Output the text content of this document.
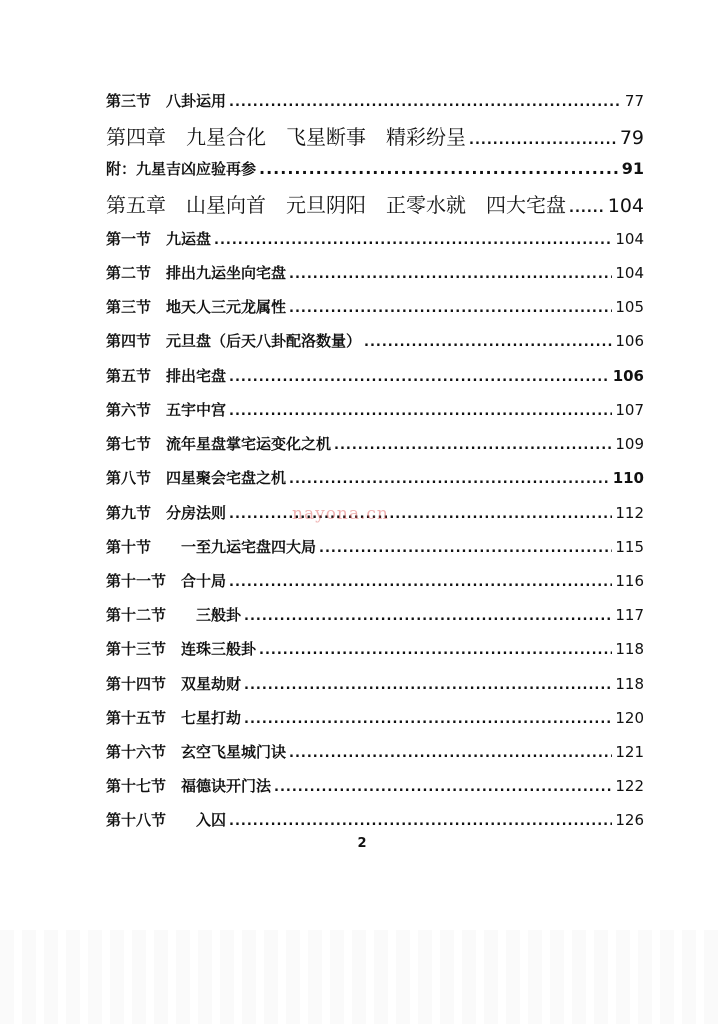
第三节　八卦运用 .....	77
第四章　九星合化　飞星断事　精彩纷呈 .....	79
附：九星吉凶应验再参 .....	91
第五章　山星向首　元旦阴阳　正零水就　四大宅盘 ..... 104
第一节　九运盘 .....	104
第二节　排出九运坐向宅盘 .....	104
第三节　地天人三元龙属性 .....	105
第四节　元旦盘（后天八卦配洛数量） .....	106
第五节　排出宅盘 .....	106
第六节　五宇中宫 .....	107
第七节　流年星盘掌宅运变化之机 .....	109
第八节　四星聚会宅盘之机 .....	110
第九节　分房法则 .....	112
第十节　　一至九运宅盘四大局 .....	115
第十一节　合十局 .....	116
第十二节　　三般卦 .....	117
第十三节　连珠三般卦 .....	118
第十四节　双星劫财 .....	118
第十五节　七星打劫 .....	120
第十六节　玄空飞星城门诀 .....	121
第十七节　福德诀开门法 .....	122
第十八节　　入囚 .....	126
nayona.cn
2
